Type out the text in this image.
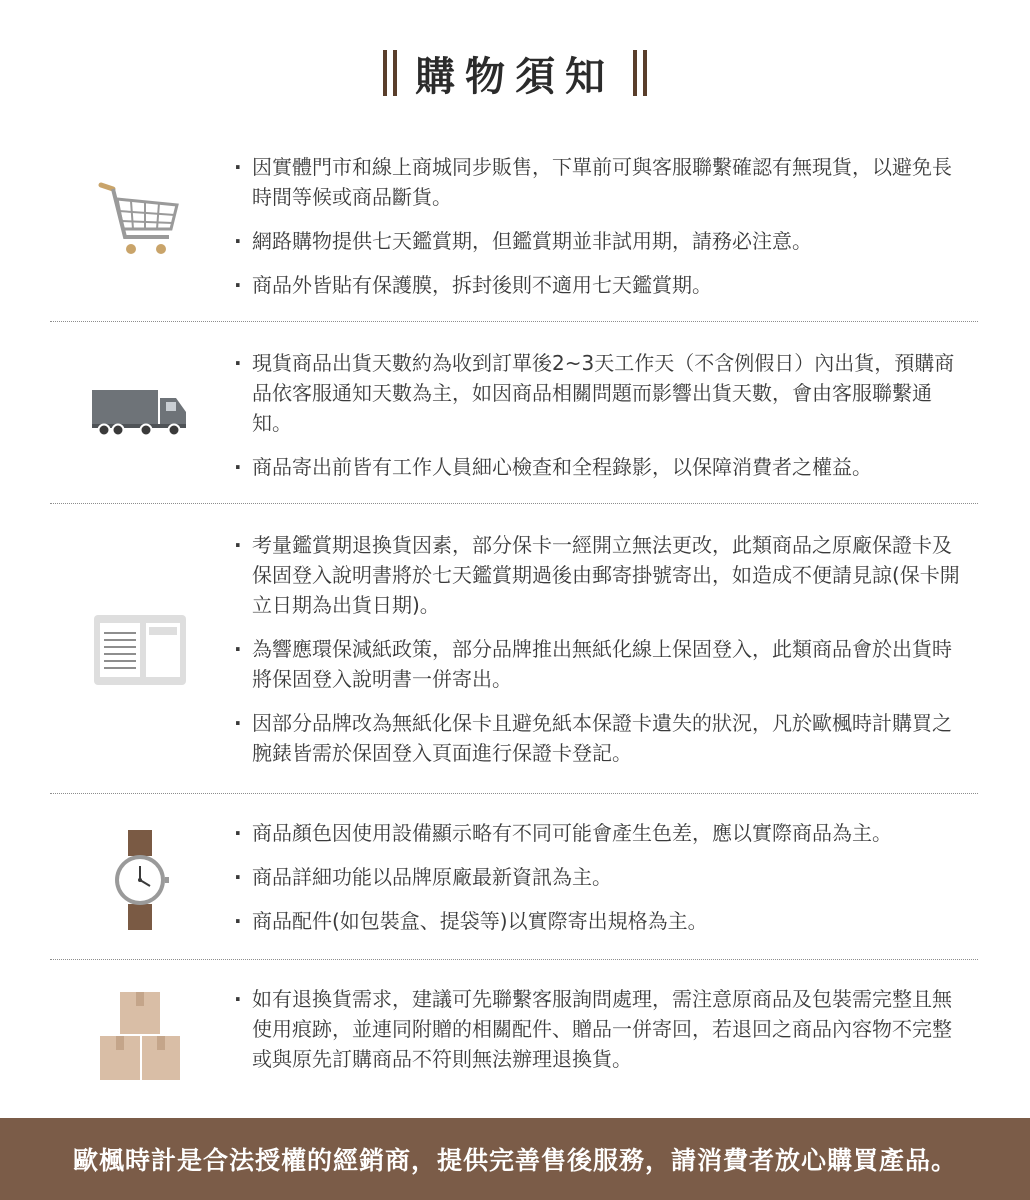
購物須知
· 因實體門市和線上商城同步販售，下單前可與客服聯繫確認有無現貨，以避免長時間等候或商品斷貨。
· 網路購物提供七天鑑賞期，但鑑賞期並非試用期，請務必注意。
· 商品外皆貼有保護膜，拆封後則不適用七天鑑賞期。
· 現貨商品出貨天數約為收到訂單後2~3天工作天（不含例假日）內出貨，預購商品依客服通知天數為主，如因商品相關問題而影響出貨天數，會由客服聯繫通知。
· 商品寄出前皆有工作人員細心檢查和全程錄影，以保障消費者之權益。
· 考量鑑賞期退換貨因素，部分保卡一經開立無法更改，此類商品之原廠保證卡及保固登入說明書將於七天鑑賞期過後由郵寄掛號寄出，如造成不便請見諒(保卡開立日期為出貨日期)。
· 為響應環保減紙政策，部分品牌推出無紙化線上保固登入，此類商品會於出貨時將保固登入說明書一併寄出。
· 因部分品牌改為無紙化保卡且避免紙本保證卡遺失的狀況，凡於歐楓時計購買之腕錶皆需於保固登入頁面進行保證卡登記。
· 商品顏色因使用設備顯示略有不同可能會產生色差，應以實際商品為主。
· 商品詳細功能以品牌原廠最新資訊為主。
· 商品配件(如包裝盒、提袋等)以實際寄出規格為主。
· 如有退換貨需求，建議可先聯繫客服詢問處理，需注意原商品及包裝需完整且無使用痕跡，並連同附贈的相關配件、贈品一併寄回，若退回之商品內容物不完整或與原先訂購商品不符則無法辦理退換貨。
歐楓時計是合法授權的經銷商，提供完善售後服務，請消費者放心購買產品。
